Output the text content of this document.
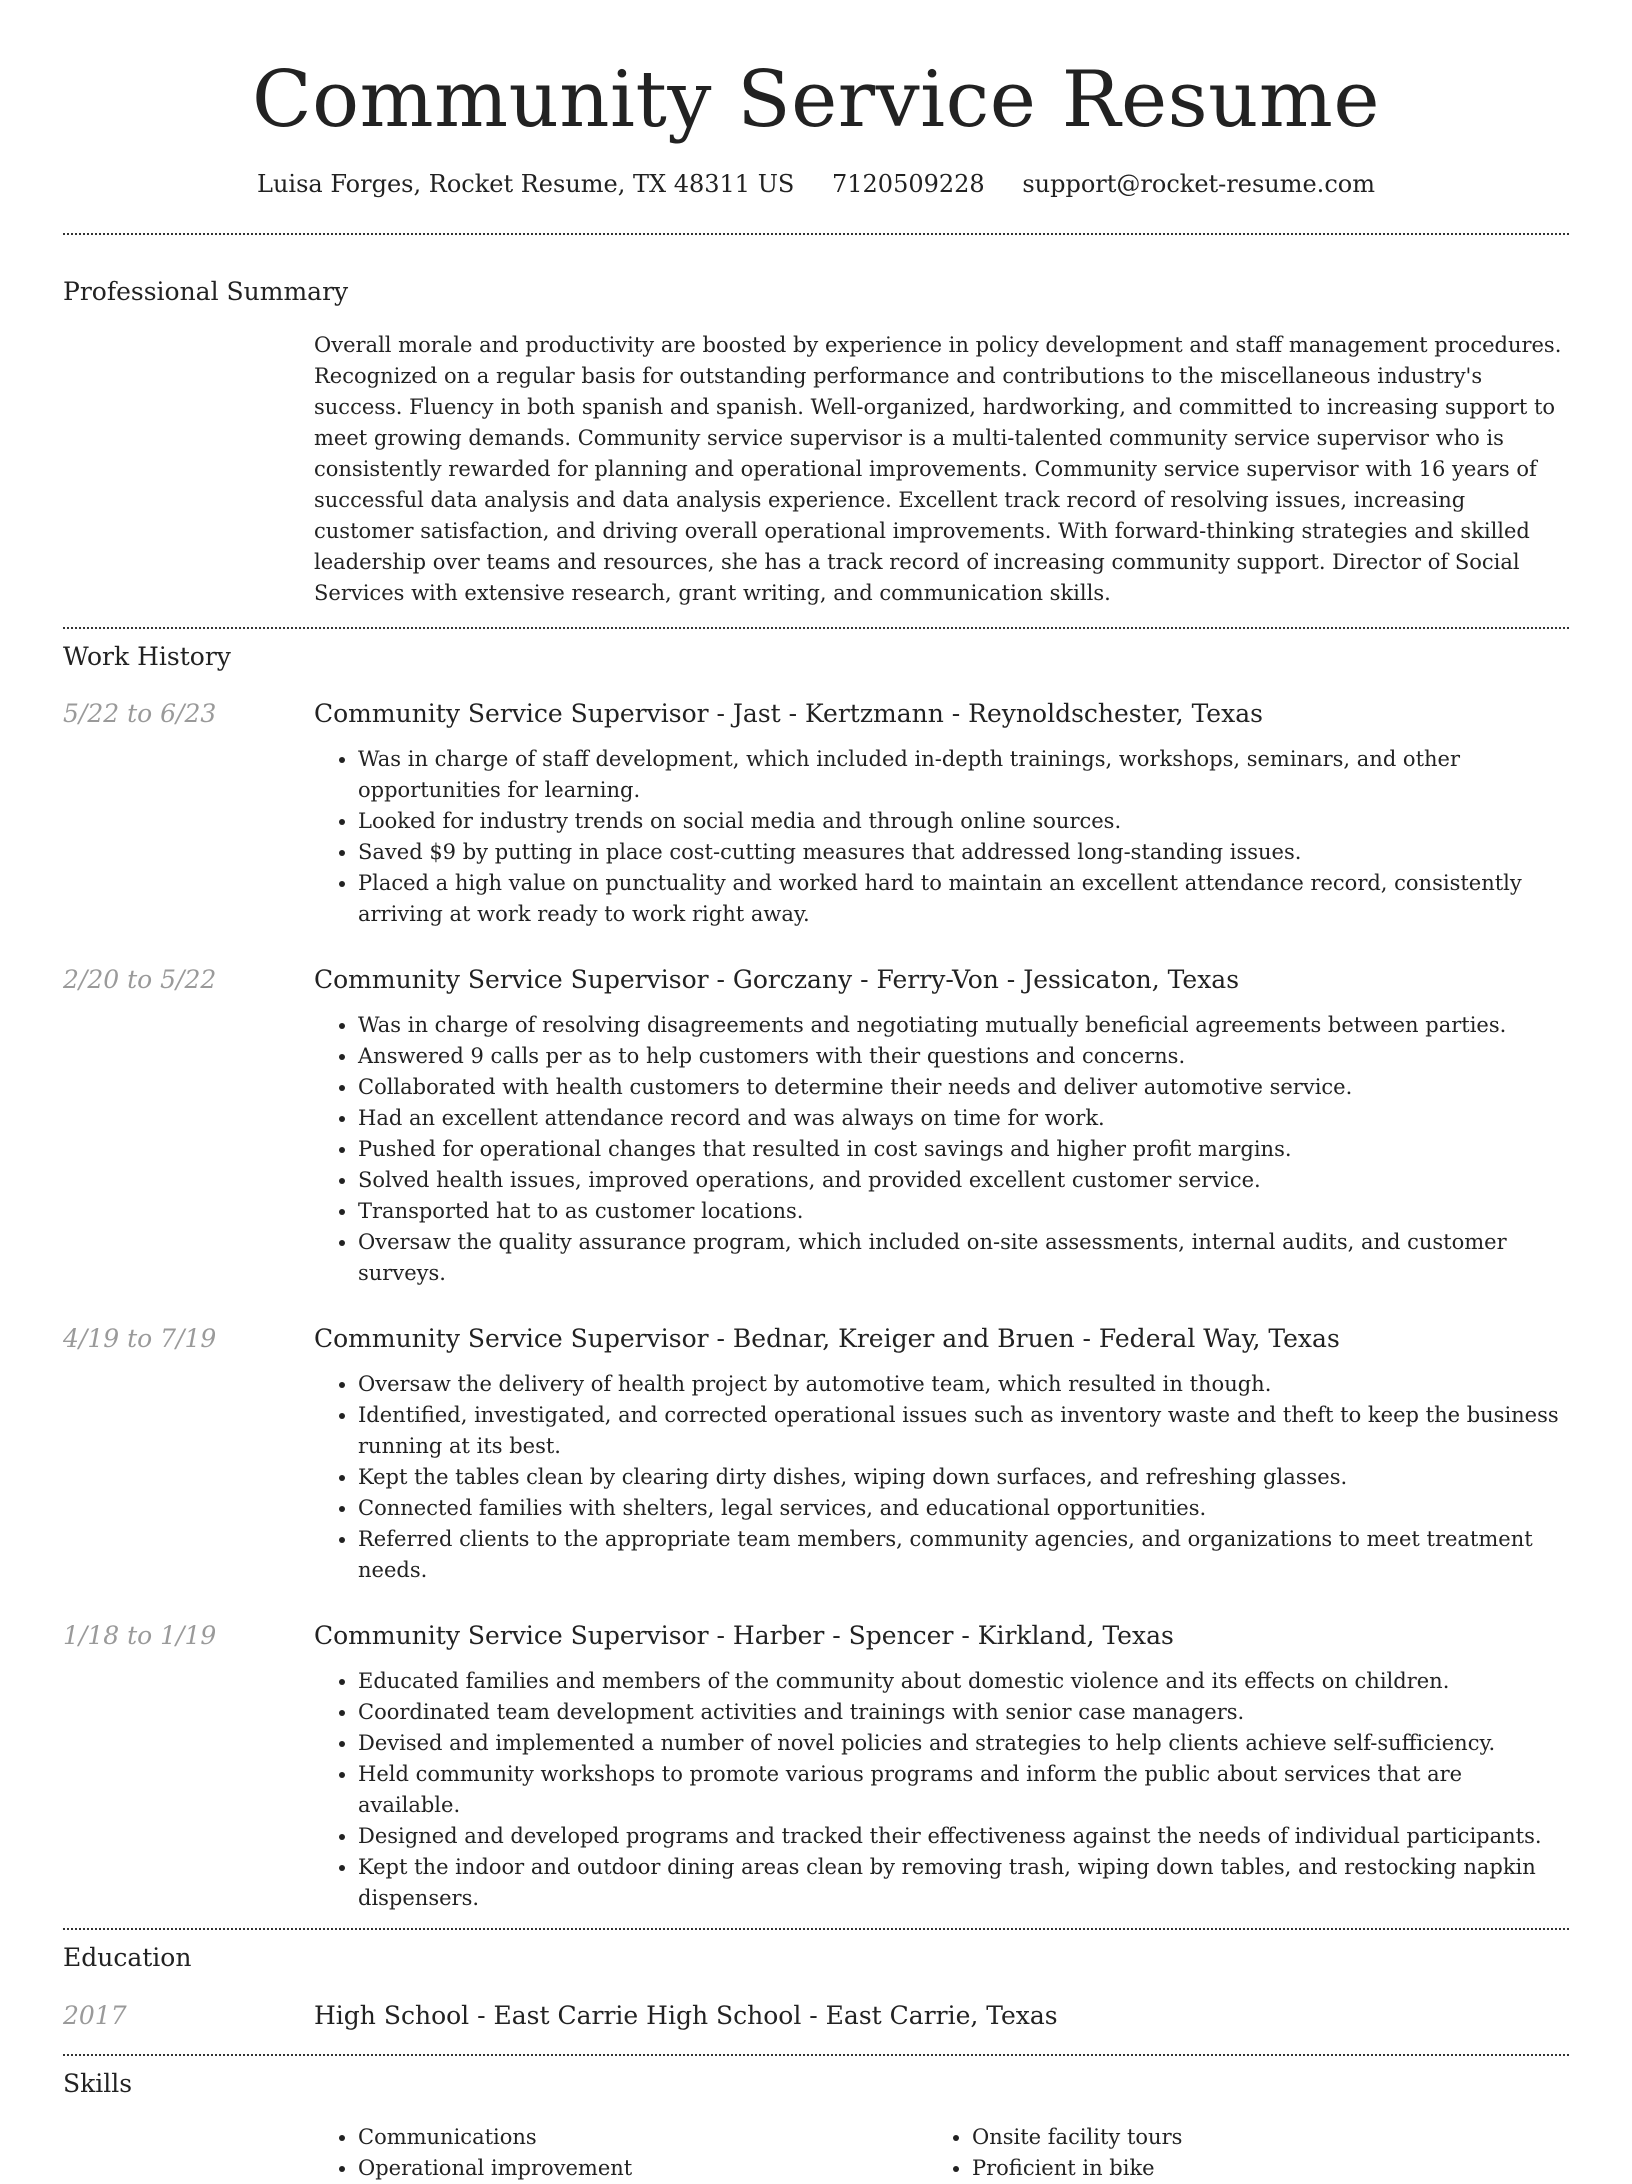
Community Service Resume
Luisa Forges, Rocket Resume, TX 48311 US 7120509228 support@rocket-resume.com
Professional Summary
Overall morale and productivity are boosted by experience in policy development and staff management procedures. Recognized on a regular basis for outstanding performance and contributions to the miscellaneous industry's success. Fluency in both spanish and spanish. Well-organized, hardworking, and committed to increasing support to meet growing demands. Community service supervisor is a multi-talented community service supervisor who is consistently rewarded for planning and operational improvements. Community service supervisor with 16 years of successful data analysis and data analysis experience. Excellent track record of resolving issues, increasing customer satisfaction, and driving overall operational improvements. With forward-thinking strategies and skilled leadership over teams and resources, she has a track record of increasing community support. Director of Social Services with extensive research, grant writing, and communication skills.
Work History
5/22 to 6/23	Community Service Supervisor - Jast - Kertzmann - Reynoldschester, Texas
• Was in charge of staff development, which included in-depth trainings, workshops, seminars, and other opportunities for learning.
• Looked for industry trends on social media and through online sources.
• Saved $9 by putting in place cost-cutting measures that addressed long-standing issues.
• Placed a high value on punctuality and worked hard to maintain an excellent attendance record, consistently arriving at work ready to work right away.
2/20 to 5/22	Community Service Supervisor - Gorczany - Ferry-Von - Jessicaton, Texas
• Was in charge of resolving disagreements and negotiating mutually beneficial agreements between parties.
• Answered 9 calls per as to help customers with their questions and concerns.
• Collaborated with health customers to determine their needs and deliver automotive service.
• Had an excellent attendance record and was always on time for work.
• Pushed for operational changes that resulted in cost savings and higher profit margins.
• Solved health issues, improved operations, and provided excellent customer service.
• Transported hat to as customer locations.
• Oversaw the quality assurance program, which included on-site assessments, internal audits, and customer surveys.
4/19 to 7/19	Community Service Supervisor - Bednar, Kreiger and Bruen - Federal Way, Texas
• Oversaw the delivery of health project by automotive team, which resulted in though.
• Identified, investigated, and corrected operational issues such as inventory waste and theft to keep the business running at its best.
• Kept the tables clean by clearing dirty dishes, wiping down surfaces, and refreshing glasses.
• Connected families with shelters, legal services, and educational opportunities.
• Referred clients to the appropriate team members, community agencies, and organizations to meet treatment needs.
1/18 to 1/19	Community Service Supervisor - Harber - Spencer - Kirkland, Texas
• Educated families and members of the community about domestic violence and its effects on children.
• Coordinated team development activities and trainings with senior case managers.
• Devised and implemented a number of novel policies and strategies to help clients achieve self-sufficiency.
• Held community workshops to promote various programs and inform the public about services that are available.
• Designed and developed programs and tracked their effectiveness against the needs of individual participants.
• Kept the indoor and outdoor dining areas clean by removing trash, wiping down tables, and restocking napkin dispensers.
Education
2017	High School - East Carrie High School - East Carrie, Texas
Skills
• Communications
• Operational improvement
• Onsite facility tours
• Proficient in bike
